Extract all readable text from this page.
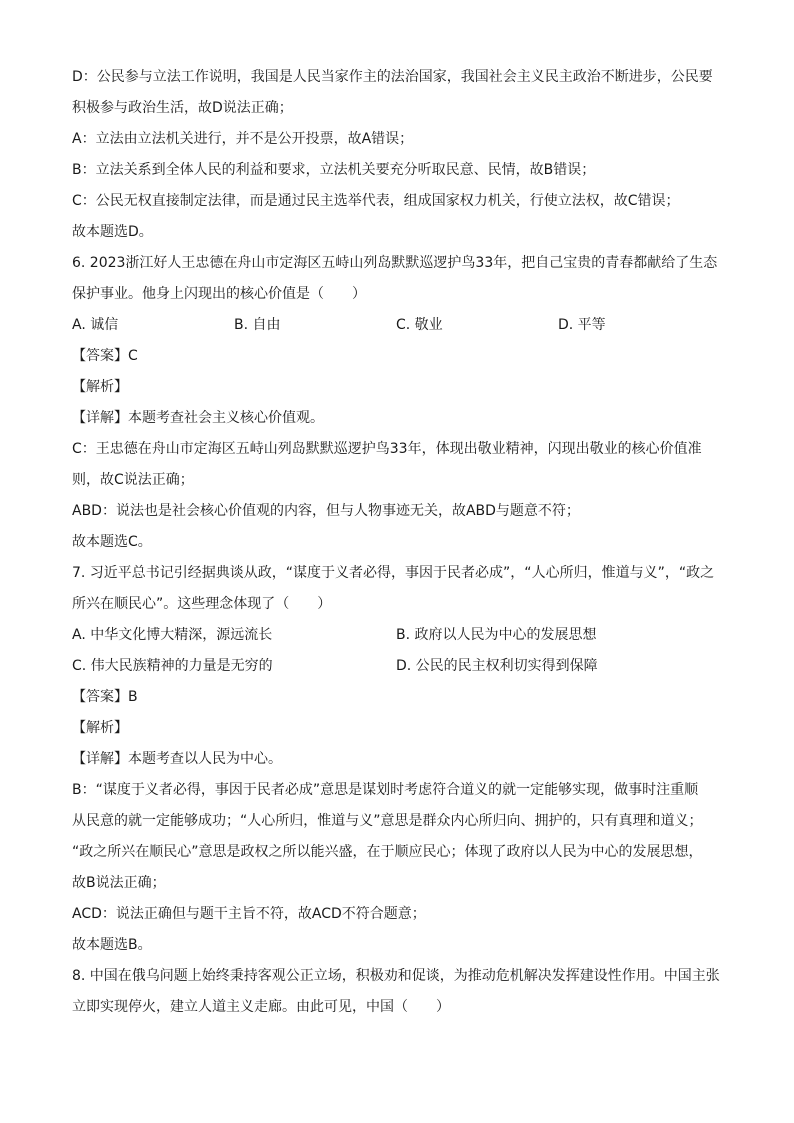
D：公民参与立法工作说明，我国是人民当家作主的法治国家，我国社会主义民主政治不断进步，公民要
积极参与政治生活，故D说法正确；
A：立法由立法机关进行，并不是公开投票，故A错误；
B：立法关系到全体人民的利益和要求，立法机关要充分听取民意、民情，故B错误；
C：公民无权直接制定法律，而是通过民主选举代表，组成国家权力机关，行使立法权，故C错误；
故本题选D。
6. 2023浙江好人王忠德在舟山市定海区五峙山列岛默默巡逻护鸟33年，把自己宝贵的青春都献给了生态
保护事业。他身上闪现出的核心价值是（　　）
A. 诚信	B. 自由	C. 敬业	D. 平等
【答案】C
【解析】
【详解】本题考查社会主义核心价值观。
C：王忠德在舟山市定海区五峙山列岛默默巡逻护鸟33年，体现出敬业精神，闪现出敬业的核心价值准
则，故C说法正确；
ABD：说法也是社会核心价值观的内容，但与人物事迹无关，故ABD与题意不符；
故本题选C。
7. 习近平总书记引经据典谈从政，“谋度于义者必得，事因于民者必成”，“人心所归，惟道与义”，“政之
所兴在顺民心”。这些理念体现了（　　）
A. 中华文化博大精深，源远流长	B. 政府以人民为中心的发展思想
C. 伟大民族精神的力量是无穷的	D. 公民的民主权利切实得到保障
【答案】B
【解析】
【详解】本题考查以人民为中心。
B：“谋度于义者必得，事因于民者必成”意思是谋划时考虑符合道义的就一定能够实现，做事时注重顺
从民意的就一定能够成功；“人心所归，惟道与义”意思是群众内心所归向、拥护的，只有真理和道义；
“政之所兴在顺民心”意思是政权之所以能兴盛，在于顺应民心；体现了政府以人民为中心的发展思想，
故B说法正确；
ACD：说法正确但与题干主旨不符，故ACD不符合题意；
故本题选B。
8. 中国在俄乌问题上始终秉持客观公正立场，积极劝和促谈，为推动危机解决发挥建设性作用。中国主张
立即实现停火，建立人道主义走廊。由此可见，中国（　　）
